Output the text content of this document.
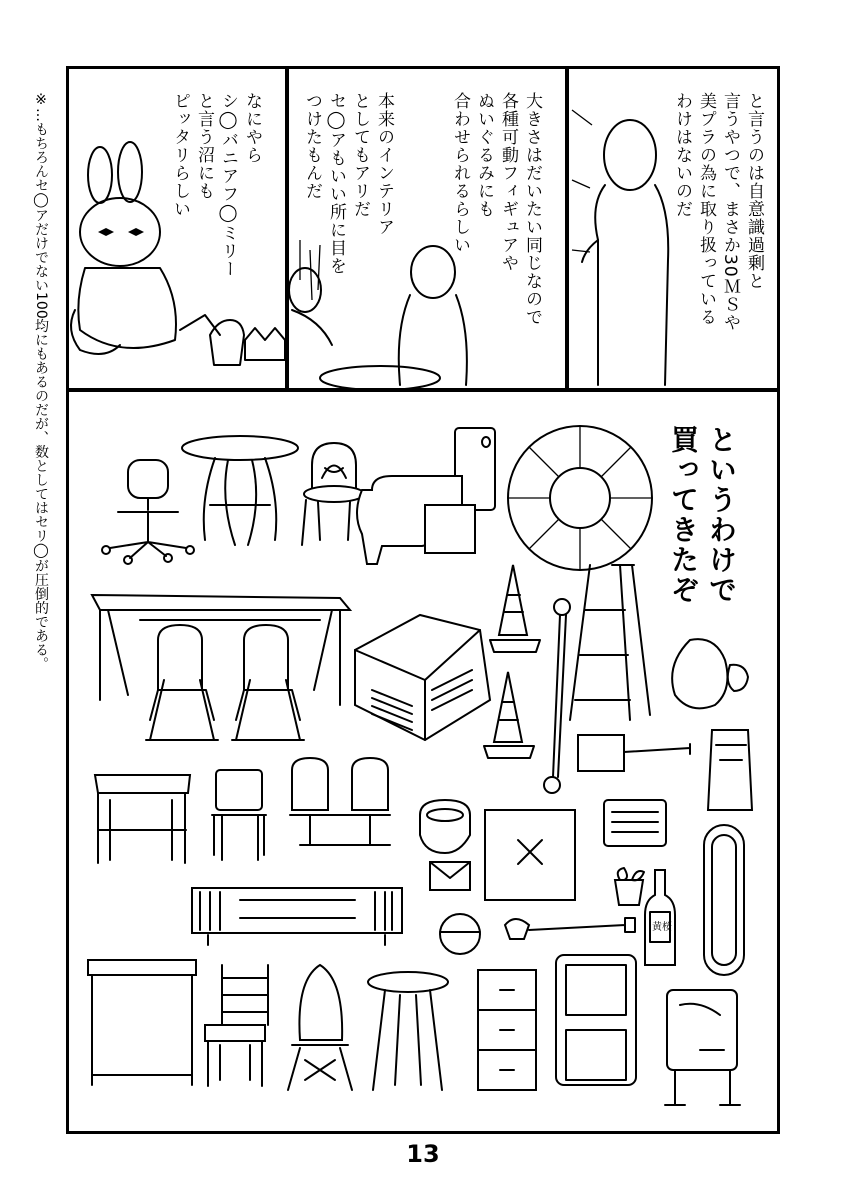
※…もちろんセ◯アだけでない100均にもあるのだが、数としてはセリ◯が圧倒的である。
黄桜
と言うのは自意識過剰と
言うやつで、まさか30ＭＳや
美プラの為に取り扱っている
わけはないのだ
大きさはだいたい同じなので
各種可動フィギュアや
ぬいぐるみにも
合わせられるらしい
本来のインテリア
としてもアリだ
セ◯アもいい所に目を
つけたもんだ
なにやら
シ◯バニアフ◯ミリー
と言う沼にも
ピッタリらしい
というわけで
買ってきたぞ
13
